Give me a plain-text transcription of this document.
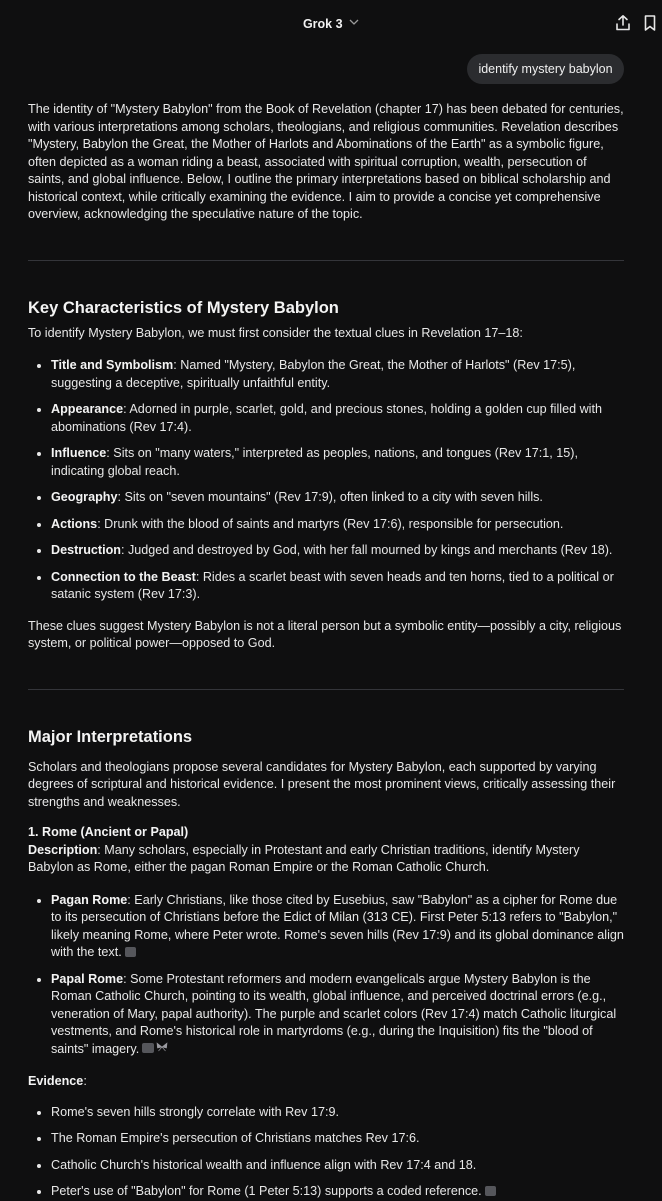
Grok 3
identify mystery babylon

The identity of "Mystery Babylon" from the Book of Revelation (chapter 17) has been debated for centuries, with various interpretations among scholars, theologians, and religious communities. Revelation describes "Mystery, Babylon the Great, the Mother of Harlots and Abominations of the Earth" as a symbolic figure, often depicted as a woman riding a beast, associated with spiritual corruption, wealth, persecution of saints, and global influence. Below, I outline the primary interpretations based on biblical scholarship and historical context, while critically examining the evidence. I aim to provide a concise yet comprehensive overview, acknowledging the speculative nature of the topic.

Key Characteristics of Mystery Babylon

To identify Mystery Babylon, we must first consider the textual clues in Revelation 17–18:

• Title and Symbolism: Named "Mystery, Babylon the Great, the Mother of Harlots" (Rev 17:5), suggesting a deceptive, spiritually unfaithful entity.
• Appearance: Adorned in purple, scarlet, gold, and precious stones, holding a golden cup filled with abominations (Rev 17:4).
• Influence: Sits on "many waters," interpreted as peoples, nations, and tongues (Rev 17:1, 15), indicating global reach.
• Geography: Sits on "seven mountains" (Rev 17:9), often linked to a city with seven hills.
• Actions: Drunk with the blood of saints and martyrs (Rev 17:6), responsible for persecution.
• Destruction: Judged and destroyed by God, with her fall mourned by kings and merchants (Rev 18).
• Connection to the Beast: Rides a scarlet beast with seven heads and ten horns, tied to a political or satanic system (Rev 17:3).

These clues suggest Mystery Babylon is not a literal person but a symbolic entity—possibly a city, religious system, or political power—opposed to God.

Major Interpretations

Scholars and theologians propose several candidates for Mystery Babylon, each supported by varying degrees of scriptural and historical evidence. I present the most prominent views, critically assessing their strengths and weaknesses.

1. Rome (Ancient or Papal)

Description: Many scholars, especially in Protestant and early Christian traditions, identify Mystery Babylon as Rome, either the pagan Roman Empire or the Roman Catholic Church.

• Pagan Rome: Early Christians, like those cited by Eusebius, saw "Babylon" as a cipher for Rome due to its persecution of Christians before the Edict of Milan (313 CE). First Peter 5:13 refers to "Babylon," likely meaning Rome, where Peter wrote. Rome's seven hills (Rev 17:9) and its global dominance align with the text.
• Papal Rome: Some Protestant reformers and modern evangelicals argue Mystery Babylon is the Roman Catholic Church, pointing to its wealth, global influence, and perceived doctrinal errors (e.g., veneration of Mary, papal authority). The purple and scarlet colors (Rev 17:4) match Catholic liturgical vestments, and Rome's historical role in martyrdoms (e.g., during the Inquisition) fits the "blood of saints" imagery.

Evidence:

• Rome's seven hills strongly correlate with Rev 17:9.
• The Roman Empire's persecution of Christians matches Rev 17:6.
• Catholic Church's historical wealth and influence align with Rev 17:4 and 18.
• Peter's use of "Babylon" for Rome (1 Peter 5:13) supports a coded reference.
